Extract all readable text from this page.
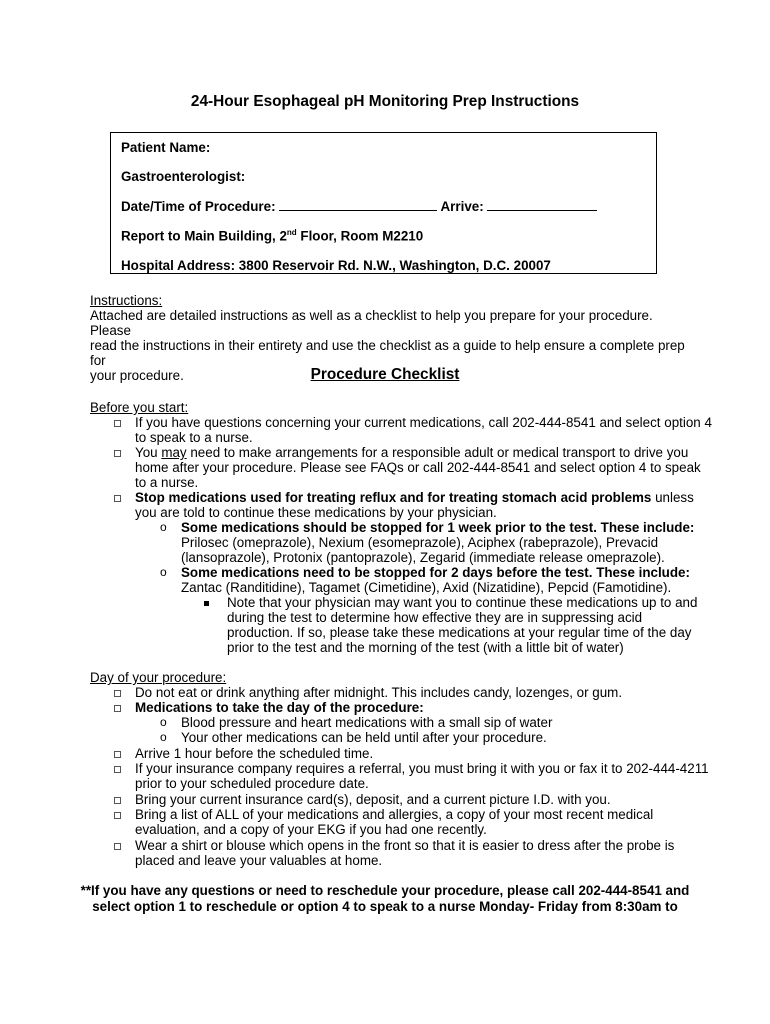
24-Hour Esophageal pH Monitoring Prep Instructions
Patient Name:
Gastroenterologist:
Date/Time of Procedure:	Arrive:
Report to Main Building, 2nd Floor, Room M2210
Hospital Address: 3800 Reservoir Rd. N.W., Washington, D.C. 20007
Instructions:
Attached are detailed instructions as well as a checklist to help you prepare for your procedure. Please
read the instructions in their entirety and use the checklist as a guide to help ensure a complete prep for
your procedure.	Procedure Checklist
Before you start:
If you have questions concerning your current medications, call 202-444-8541 and select option 4
to speak to a nurse.
You may need to make arrangements for a responsible adult or medical transport to drive you
home after your procedure. Please see FAQs or call 202-444-8541 and select option 4 to speak
to a nurse.
Stop medications used for treating reflux and for treating stomach acid problems unless
you are told to continue these medications by your physician.
o Some medications should be stopped for 1 week prior to the test. These include:
Prilosec (omeprazole), Nexium (esomeprazole), Aciphex (rabeprazole), Prevacid
(lansoprazole), Protonix (pantoprazole), Zegarid (immediate release omeprazole).
o Some medications need to be stopped for 2 days before the test. These include:
Zantac (Randitidine), Tagamet (Cimetidine), Axid (Nizatidine), Pepcid (Famotidine).
Note that your physician may want you to continue these medications up to and
during the test to determine how effective they are in suppressing acid
production. If so, please take these medications at your regular time of the day
prior to the test and the morning of the test (with a little bit of water)
Day of your procedure:
Do not eat or drink anything after midnight. This includes candy, lozenges, or gum.
Medications to take the day of the procedure:
o Blood pressure and heart medications with a small sip of water
o Your other medications can be held until after your procedure.
Arrive 1 hour before the scheduled time.
If your insurance company requires a referral, you must bring it with you or fax it to 202-444-4211
prior to your scheduled procedure date.
Bring your current insurance card(s), deposit, and a current picture I.D. with you.
Bring a list of ALL of your medications and allergies, a copy of your most recent medical
evaluation, and a copy of your EKG if you had one recently.
Wear a shirt or blouse which opens in the front so that it is easier to dress after the probe is
placed and leave your valuables at home.
**If you have any questions or need to reschedule your procedure, please call 202-444-8541 and
select option 1 to reschedule or option 4 to speak to a nurse Monday- Friday from 8:30am to
